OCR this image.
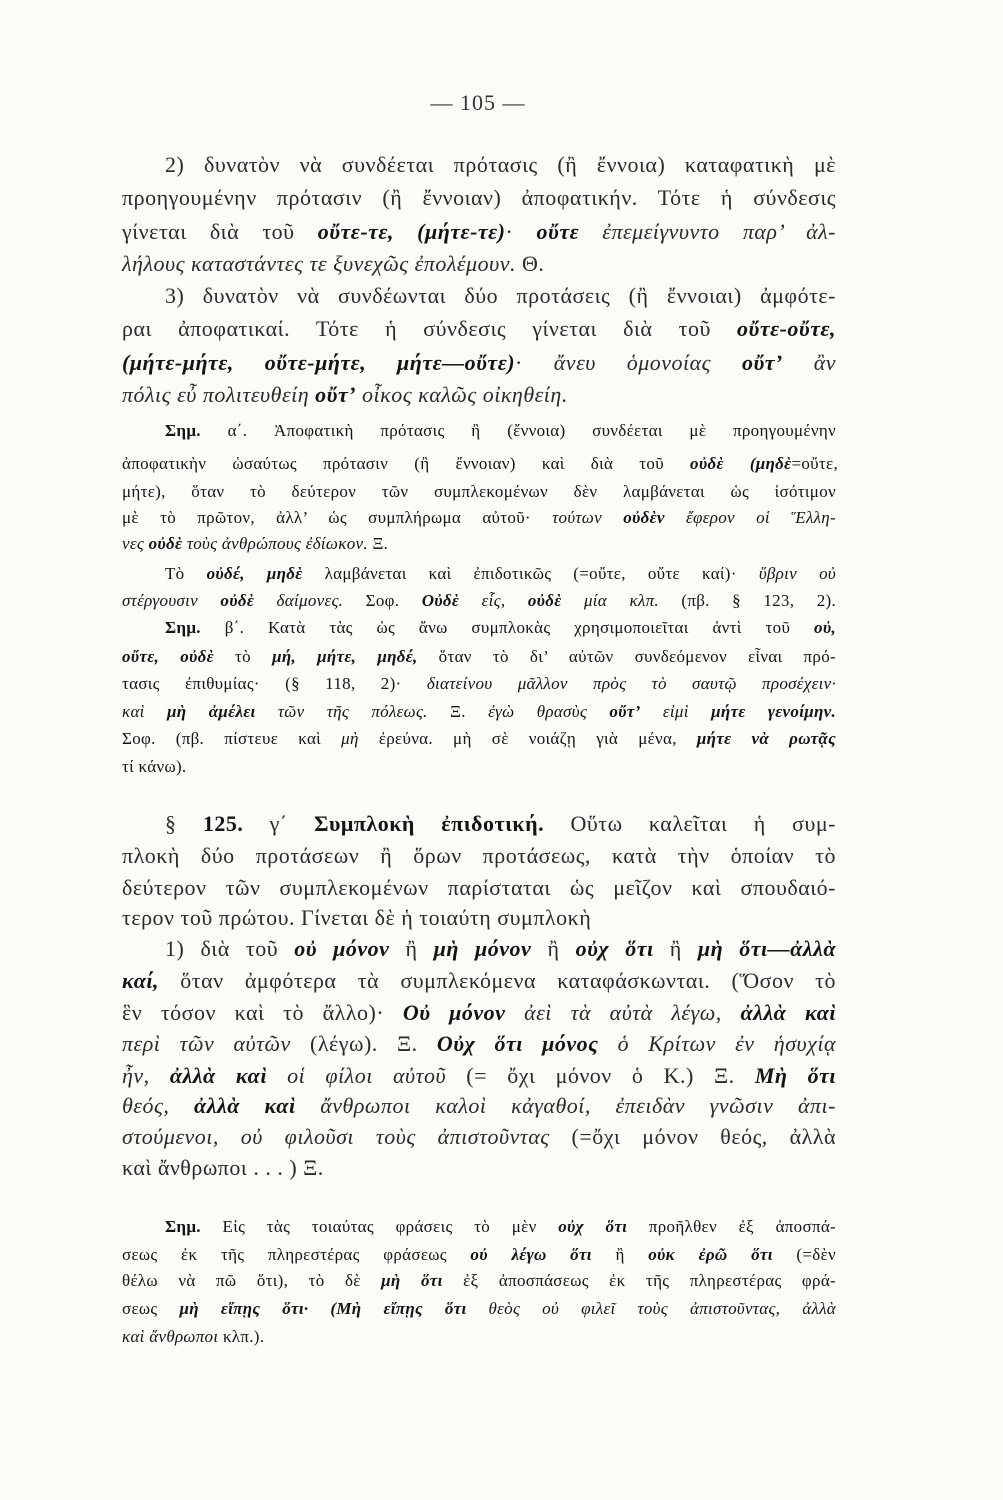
— 105 —
2) δυνατὸν νὰ συνδέεται πρότασις (ἢ ἔννοια) καταφατικὴ μὲ
προηγουμένην πρότασιν (ἢ ἔννοιαν) ἀποφατικήν. Τότε ἡ σύνδεσις
γίνεται διὰ τοῦ οὔτε-τε, (μήτε-τε)· οὔτε ἐπεμείγνυντο παρ’ ἀλ-
λήλους καταστάντες τε ξυνεχῶς ἐπολέμουν. Θ.
3) δυνατὸν νὰ συνδέωνται δύο προτάσεις (ἢ ἔννοιαι) ἀμφότε-
ραι ἀποφατικαί. Τότε ἡ σύνδεσις γίνεται διὰ τοῦ οὔτε-οὔτε,
(μήτε-μήτε, οὔτε-μήτε, μήτε—οὔτε)· ἄνευ ὁμονοίας οὔτ’ ἂν
πόλις εὖ πολιτευθείη οὔτ’ οἶκος καλῶς οἰκηθείη.
Σημ. α΄. Ἀποφατικὴ πρότασις ἢ (ἔννοια) συνδέεται μὲ προηγουμένην
ἀποφατικὴν ὡσαύτως πρότασιν (ἢ ἔννοιαν) καὶ διὰ τοῦ οὐδὲ (μηδὲ=οὔτε,
μήτε), ὅταν τὸ δεύτερον τῶν συμπλεκομένων δὲν λαμβάνεται ὡς ἰσότιμον
μὲ τὸ πρῶτον, ἀλλ’ ὡς συμπλήρωμα αὐτοῦ· τούτων οὐδὲν ἔφερον οἱ Ἕλλη-
νες οὐδὲ τοὺς ἀνθρώπους ἐδίωκον. Ξ.
Τὸ οὐδέ, μηδὲ λαμβάνεται καὶ ἐπιδοτικῶς (=οὔτε, οὔτε καί)· ὕβριν οὐ
στέργουσιν οὐδὲ δαίμονες. Σοφ. Οὐδὲ εἷς, οὐδὲ μία κλπ. (πβ. § 123, 2).
Σημ. β΄. Κατὰ τὰς ὡς ἄνω συμπλοκὰς χρησιμοποιεῖται ἀντὶ τοῦ οὐ,
οὔτε, οὐδὲ τὸ μή, μήτε, μηδέ, ὅταν τὸ δι’ αὐτῶν συνδεόμενον εἶναι πρό-
τασις ἐπιθυμίας· (§ 118, 2)· διατείνου μᾶλλον πρὸς τὸ σαυτῷ προσέχειν·
καὶ μὴ ἀμέλει τῶν τῆς πόλεως. Ξ. ἐγὼ θρασὺς οὔτ’ εἰμὶ μήτε γενοίμην.
Σοφ. (πβ. πίστευε καὶ μὴ ἐρεύνα. μὴ σὲ νοιάζῃ γιὰ μένα, μήτε νὰ ρωτᾷς
τί κάνω).
§ 125. γ΄ Συμπλοκὴ ἐπιδοτική. Οὕτω καλεῖται ἡ συμ-
πλοκὴ δύο προτάσεων ἢ ὅρων προτάσεως, κατὰ τὴν ὁποίαν τὸ
δεύτερον τῶν συμπλεκομένων παρίσταται ὡς μεῖζον καὶ σπουδαιό-
τερον τοῦ πρώτου. Γίνεται δὲ ἡ τοιαύτη συμπλοκὴ
1) διὰ τοῦ οὐ μόνον ἢ μὴ μόνον ἢ οὐχ ὅτι ἢ μὴ ὅτι—ἀλλὰ
καί, ὅταν ἀμφότερα τὰ συμπλεκόμενα καταφάσκωνται. (Ὅσον τὸ
ἓν τόσον καὶ τὸ ἄλλο)· Οὐ μόνον ἀεὶ τὰ αὐτὰ λέγω, ἀλλὰ καὶ
περὶ τῶν αὐτῶν (λέγω). Ξ. Οὐχ ὅτι μόνος ὁ Κρίτων ἐν ἡσυχίᾳ
ἦν, ἀλλὰ καὶ οἱ φίλοι αὐτοῦ (= ὄχι μόνον ὁ Κ.) Ξ. Μὴ ὅτι
θεός, ἀλλὰ καὶ ἄνθρωποι καλοὶ κἀγαθοί, ἐπειδὰν γνῶσιν ἀπι-
στούμενοι, οὐ φιλοῦσι τοὺς ἀπιστοῦντας (=ὄχι μόνον θεός, ἀλλὰ
καὶ ἄνθρωποι . . . ) Ξ.
Σημ. Εἰς τὰς τοιαύτας φράσεις τὸ μὲν οὐχ ὅτι προῆλθεν ἐξ ἀποσπά-
σεως ἐκ τῆς πληρεστέρας φράσεως οὐ λέγω ὅτι ἢ οὐκ ἐρῶ ὅτι (=δὲν
θέλω νὰ πῶ ὅτι), τὸ δὲ μὴ ὅτι ἐξ ἀποσπάσεως ἐκ τῆς πληρεστέρας φρά-
σεως μὴ εἴπῃς ὅτι· (Μὴ εἴπῃς ὅτι θεὸς οὐ φιλεῖ τοὺς ἀπιστοῦντας, ἀλλὰ
καὶ ἄνθρωποι κλπ.).
